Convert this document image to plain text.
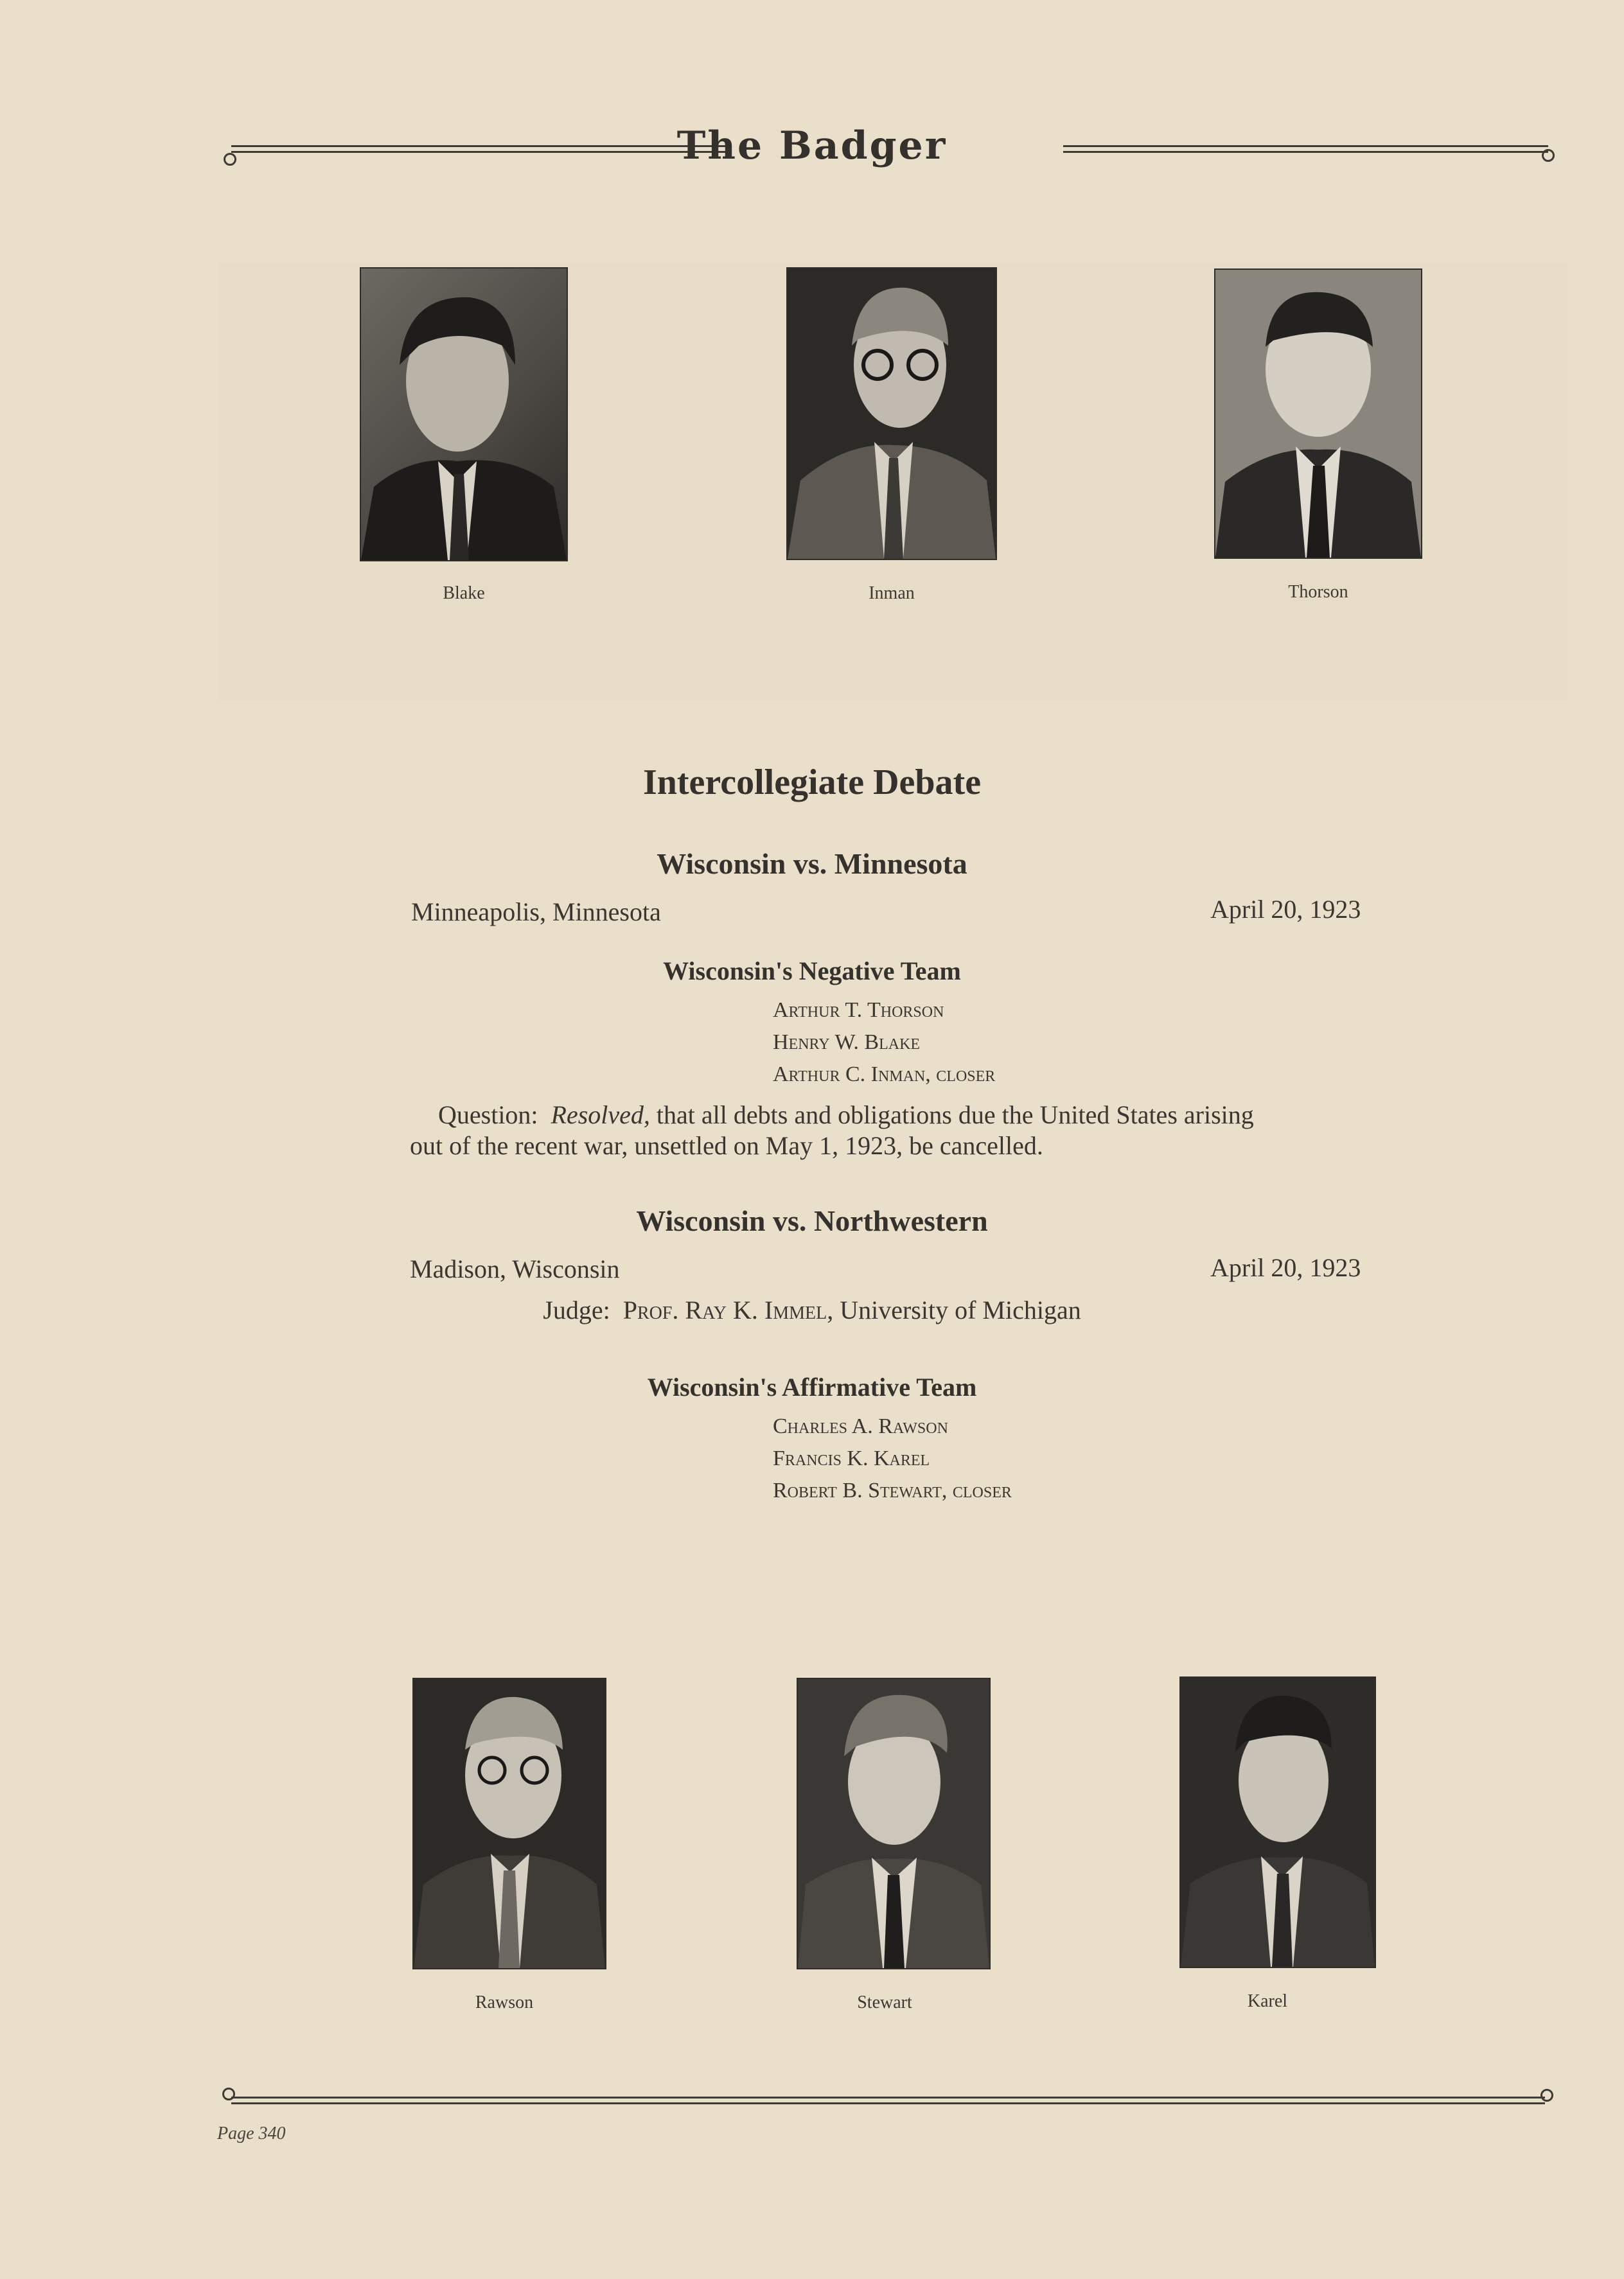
The Badger
Blake	Inman	Thorson
Intercollegiate Debate
Wisconsin vs. Minnesota
Minneapolis, Minnesota	April 20, 1923
Wisconsin's Negative Team
Arthur T. Thorson
Henry W. Blake
Arthur C. Inman, closer
Question: Resolved, that all debts and obligations due the United States arising
out of the recent war, unsettled on May 1, 1923, be cancelled.
Wisconsin vs. Northwestern
Madison, Wisconsin	April 20, 1923
Judge: Prof. Ray K. Immel, University of Michigan
Wisconsin's Affirmative Team
Charles A. Rawson
Francis K. Karel
Robert B. Stewart, closer
Rawson	Stewart	Karel
Page 340
